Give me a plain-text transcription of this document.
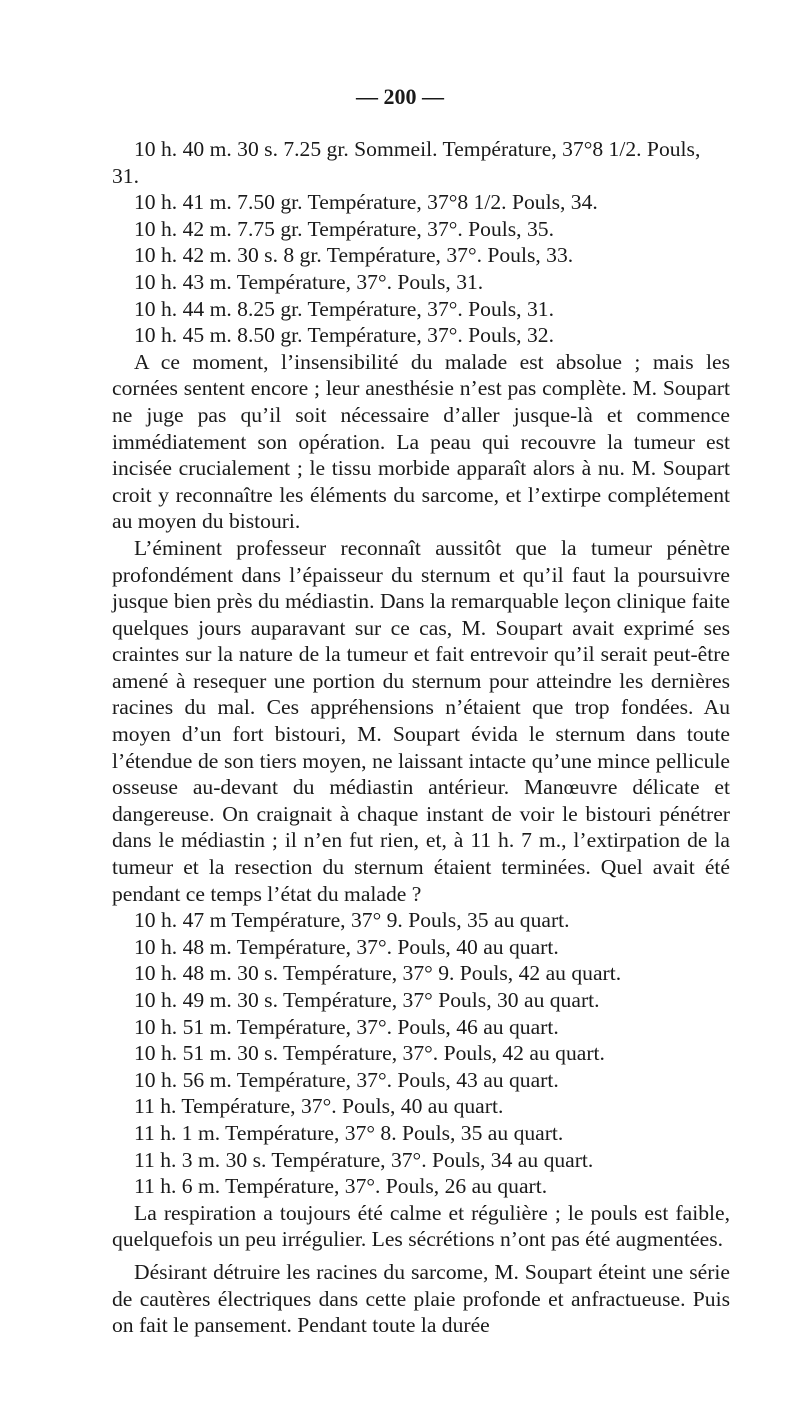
— 200 —

10 h. 40 m. 30 s. 7.25 gr. Sommeil. Température, 37°8 1/2. Pouls, 31.

10 h. 41 m. 7.50 gr. Température, 37°8 1/2. Pouls, 34.

10 h. 42 m. 7.75 gr. Température, 37°. Pouls, 35.

10 h. 42 m. 30 s. 8 gr. Température, 37°. Pouls, 33.

10 h. 43 m. Température, 37°. Pouls, 31.

10 h. 44 m. 8.25 gr. Température, 37°. Pouls, 31.

10 h. 45 m. 8.50 gr. Température, 37°. Pouls, 32.

A ce moment, l’insensibilité du malade est absolue ; mais les cornées sentent encore ; leur anesthésie n’est pas complète. M. Soupart ne juge pas qu’il soit nécessaire d’aller jusque-là et commence immédiatement son opération. La peau qui recouvre la tumeur est incisée crucialement ; le tissu morbide apparaît alors à nu. M. Soupart croit y reconnaître les éléments du sarcome, et l’extirpe complétement au moyen du bistouri.

L’éminent professeur reconnaît aussitôt que la tumeur pénètre profondément dans l’épaisseur du sternum et qu’il faut la poursuivre jusque bien près du médiastin. Dans la remarquable leçon clinique faite quelques jours auparavant sur ce cas, M. Soupart avait exprimé ses craintes sur la nature de la tumeur et fait entrevoir qu’il serait peut-être amené à resequer une portion du sternum pour atteindre les dernières racines du mal. Ces appréhensions n’étaient que trop fondées. Au moyen d’un fort bistouri, M. Soupart évida le sternum dans toute l’étendue de son tiers moyen, ne laissant intacte qu’une mince pellicule osseuse au-devant du médiastin antérieur. Manœuvre délicate et dangereuse. On craignait à chaque instant de voir le bistouri pénétrer dans le médiastin ; il n’en fut rien, et, à 11 h. 7 m., l’extirpation de la tumeur et la resection du sternum étaient terminées. Quel avait été pendant ce temps l’état du malade ?

10 h. 47 m Température, 37° 9. Pouls, 35 au quart.

10 h. 48 m. Température, 37°. Pouls, 40 au quart.

10 h. 48 m. 30 s. Température, 37° 9. Pouls, 42 au quart.

10 h. 49 m. 30 s. Température, 37° Pouls, 30 au quart.

10 h. 51 m. Température, 37°. Pouls, 46 au quart.

10 h. 51 m. 30 s. Température, 37°. Pouls, 42 au quart.

10 h. 56 m. Température, 37°. Pouls, 43 au quart.

11 h. Température, 37°. Pouls, 40 au quart.

11 h. 1 m. Température, 37° 8. Pouls, 35 au quart.

11 h. 3 m. 30 s. Température, 37°. Pouls, 34 au quart.

11 h. 6 m. Température, 37°. Pouls, 26 au quart.

La respiration a toujours été calme et régulière ; le pouls est faible, quelquefois un peu irrégulier. Les sécrétions n’ont pas été augmentées.

Désirant détruire les racines du sarcome, M. Soupart éteint une série de cautères électriques dans cette plaie profonde et anfractueuse. Puis on fait le pansement. Pendant toute la durée
